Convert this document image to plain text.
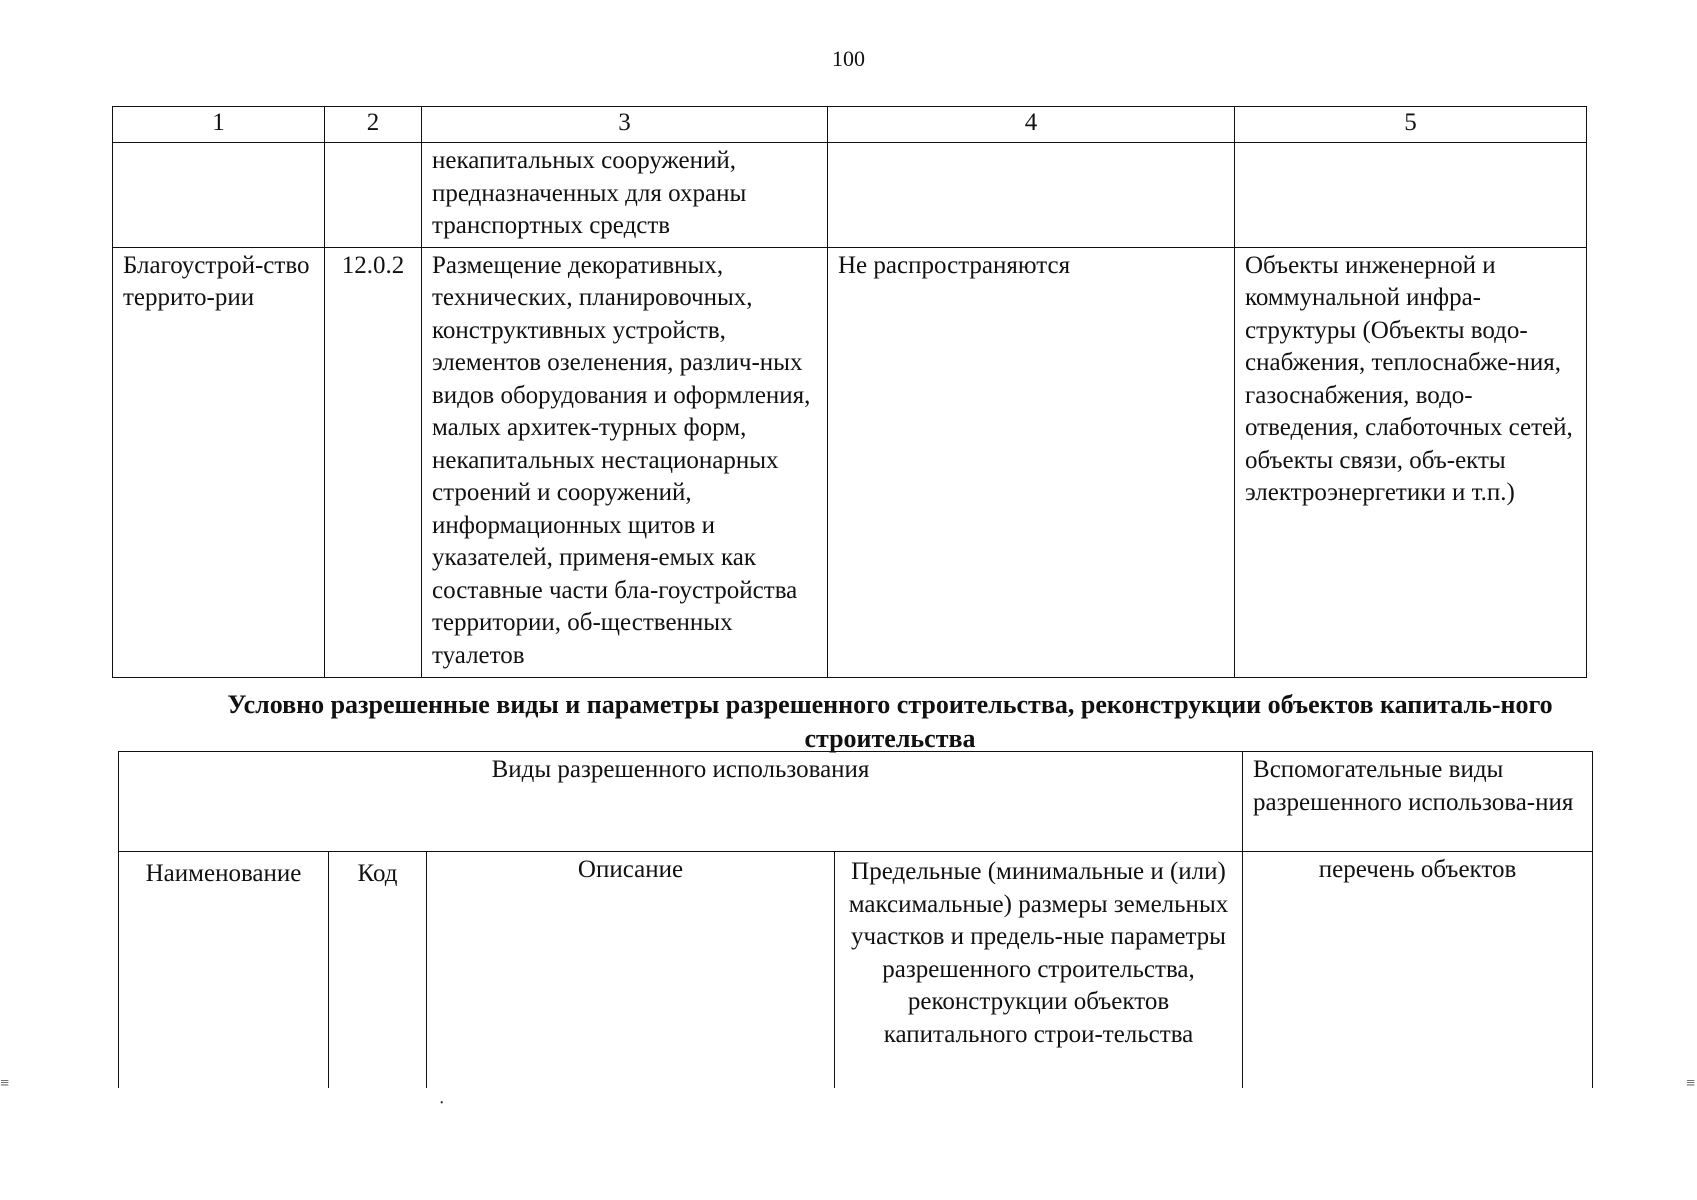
100
1	2	3	4	5
		некапитальных сооружений, предназначенных для охраны транспортных средств		
Благоустрой-ство террито-рии	12.0.2	Размещение декоративных, технических, планировочных, конструктивных устройств, элементов озеленения, различ-ных видов оборудования и оформления, малых архитек-турных форм, некапитальных нестационарных строений и сооружений, информационных щитов и указателей, применя-емых как составные части бла-гоустройства территории, об-щественных туалетов	Не распространяются	Объекты инженерной и коммунальной инфра-структуры (Объекты водо-снабжения, теплоснабже-ния, газоснабжения, водо-отведения, слаботочных сетей, объекты связи, объ-екты электроэнергетики и т.п.)
Условно разрешенные виды и параметры разрешенного строительства, реконструкции объектов капиталь-ного строительства
Виды разрешенного использования				Вспомогательные виды разрешенного использова-ния
Наименование	Код	Описание	Предельные (минимальные и (или) максимальные) размеры земельных участков и предель-ные параметры разрешенного строительства, реконструкции объектов капитального строи-тельства	перечень объектов
≡	≡
•
